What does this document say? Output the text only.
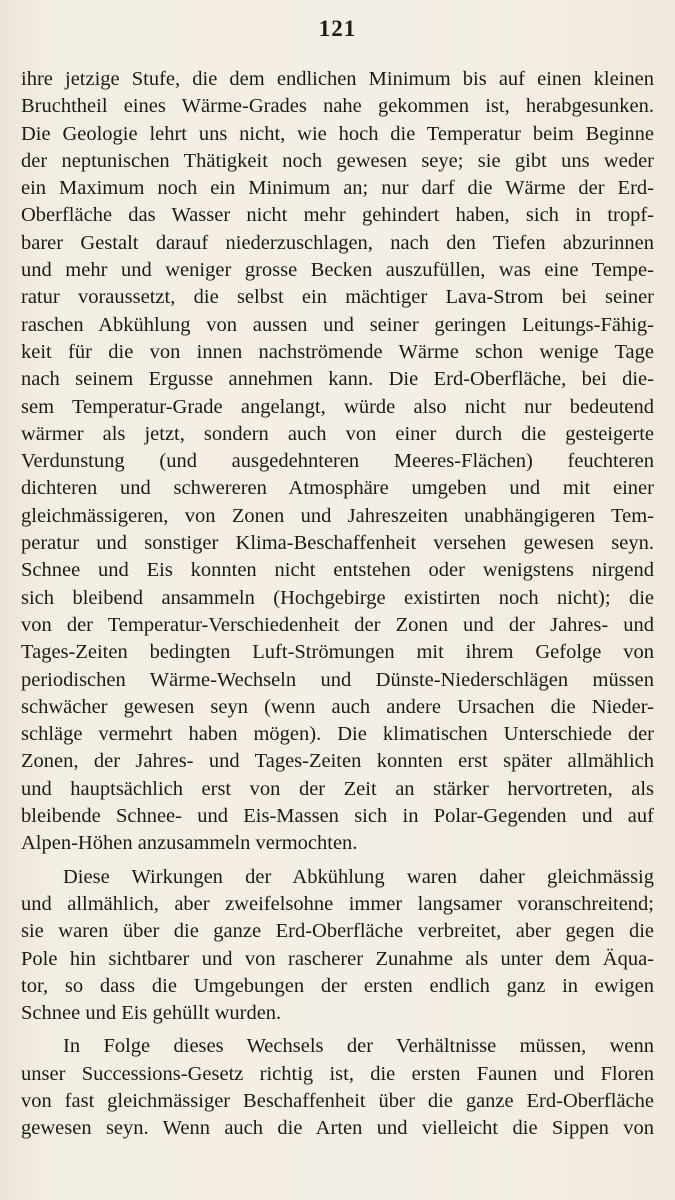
121
ihre jetzige Stufe, die dem endlichen Minimum bis auf einen kleinen
Bruchtheil eines Wärme-Grades nahe gekommen ist, herabgesunken.
Die Geologie lehrt uns nicht, wie hoch die Temperatur beim Beginne
der neptunischen Thätigkeit noch gewesen seye; sie gibt uns weder
ein Maximum noch ein Minimum an; nur darf die Wärme der Erd-
Oberfläche das Wasser nicht mehr gehindert haben, sich in tropf-
barer Gestalt darauf niederzuschlagen, nach den Tiefen abzurinnen
und mehr und weniger grosse Becken auszufüllen, was eine Tempe-
ratur voraussetzt, die selbst ein mächtiger Lava-Strom bei seiner
raschen Abkühlung von aussen und seiner geringen Leitungs-Fähig-
keit für die von innen nachströmende Wärme schon wenige Tage
nach seinem Ergusse annehmen kann. Die Erd-Oberfläche, bei die-
sem Temperatur-Grade angelangt, würde also nicht nur bedeutend
wärmer als jetzt, sondern auch von einer durch die gesteigerte
Verdunstung (und ausgedehnteren Meeres-Flächen) feuchteren
dichteren und schwereren Atmosphäre umgeben und mit einer
gleichmässigeren, von Zonen und Jahreszeiten unabhängigeren Tem-
peratur und sonstiger Klima-Beschaffenheit versehen gewesen seyn.
Schnee und Eis konnten nicht entstehen oder wenigstens nirgend
sich bleibend ansammeln (Hochgebirge existirten noch nicht); die
von der Temperatur-Verschiedenheit der Zonen und der Jahres- und
Tages-Zeiten bedingten Luft-Strömungen mit ihrem Gefolge von
periodischen Wärme-Wechseln und Dünste-Niederschlägen müssen
schwächer gewesen seyn (wenn auch andere Ursachen die Nieder-
schläge vermehrt haben mögen). Die klimatischen Unterschiede der
Zonen, der Jahres- und Tages-Zeiten konnten erst später allmählich
und hauptsächlich erst von der Zeit an stärker hervortreten, als
bleibende Schnee- und Eis-Massen sich in Polar-Gegenden und auf
Alpen-Höhen anzusammeln vermochten.
Diese Wirkungen der Abkühlung waren daher gleichmässig
und allmählich, aber zweifelsohne immer langsamer voranschreitend;
sie waren über die ganze Erd-Oberfläche verbreitet, aber gegen die
Pole hin sichtbarer und von rascherer Zunahme als unter dem Äqua-
tor, so dass die Umgebungen der ersten endlich ganz in ewigen
Schnee und Eis gehüllt wurden.
In Folge dieses Wechsels der Verhältnisse müssen, wenn
unser Successions-Gesetz richtig ist, die ersten Faunen und Floren
von fast gleichmässiger Beschaffenheit über die ganze Erd-Oberfläche
gewesen seyn. Wenn auch die Arten und vielleicht die Sippen von
